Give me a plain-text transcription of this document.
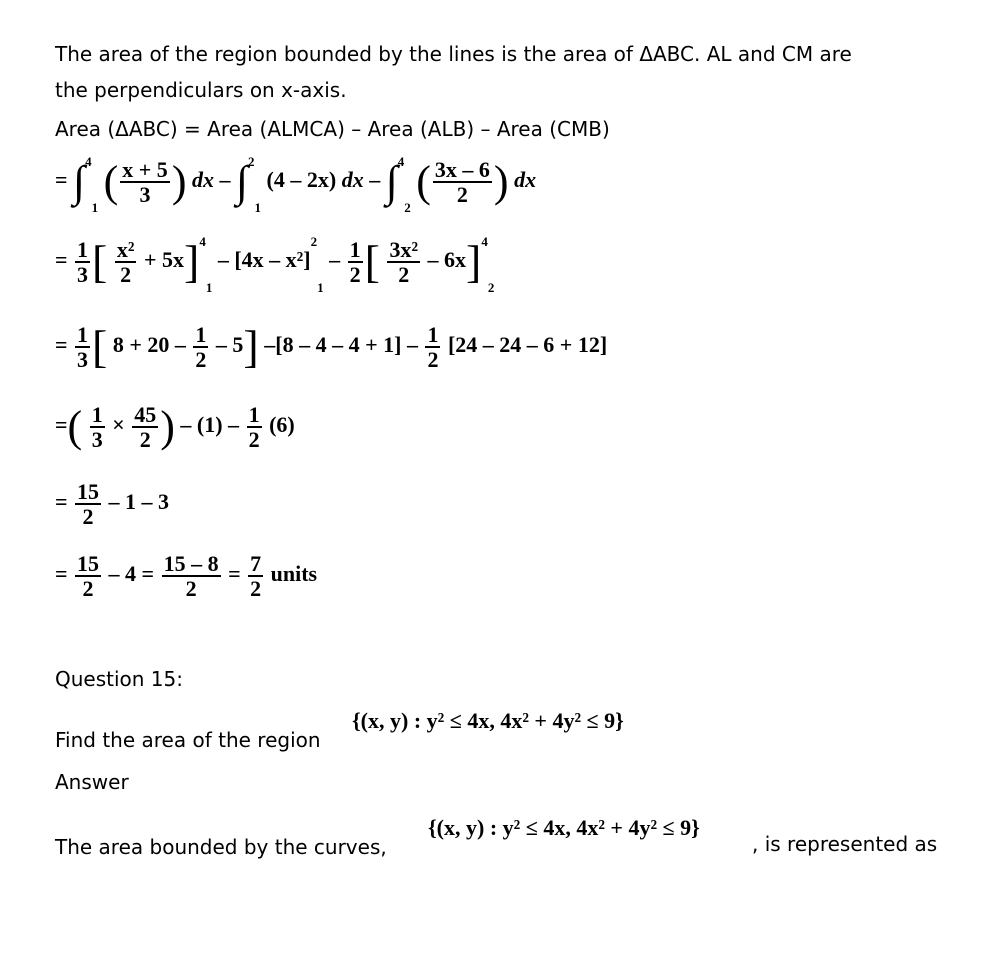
The area of the region bounded by the lines is the area of ΔABC. AL and CM are
the perpendiculars on x-axis.
Area (ΔABC) = Area (ALMCA) – Area (ALB) – Area (CMB)
= ∫$^4_1$ ( $\frac{x + 5}{3}$ ) dx – ∫$^2_1$ (4 – 2x) dx – ∫$^4_2$ ( $\frac{3x - 6}{2}$ ) dx
= $\frac{1}{3}$ [ $\frac{\text{x²}}{2} + 5x]^4_1 - [4x - x^2]^2_1 - \frac{1}{2}$ [ $\frac{\text{3x²}}{2} - 6x]^4_2$
= $\frac{1}{3}$ [ $8 + 20 - \frac{1}{2} - 5$] $-[8 - 4 - 4 + 1] - \frac{1}{2} [24 - 24 - 6 + 12]$
=( $\frac{1}{3} \times \frac{45}{2}$ ) – $(1) - \frac{1}{2} (6)$
= $\frac{15}{2} - 1 - 3$
= $\frac{15}{2} - 4 = \frac{15 - 8}{2} = \frac{7}{2}$ units
Question 15:
Find the area of the region
{(x, y) : y² ≤ 4x, 4x² + 4y² ≤ 9}
Answer
The area bounded by the curves,
{(x, y) : y² ≤ 4x, 4x² + 4y² ≤ 9}
, is represented as
